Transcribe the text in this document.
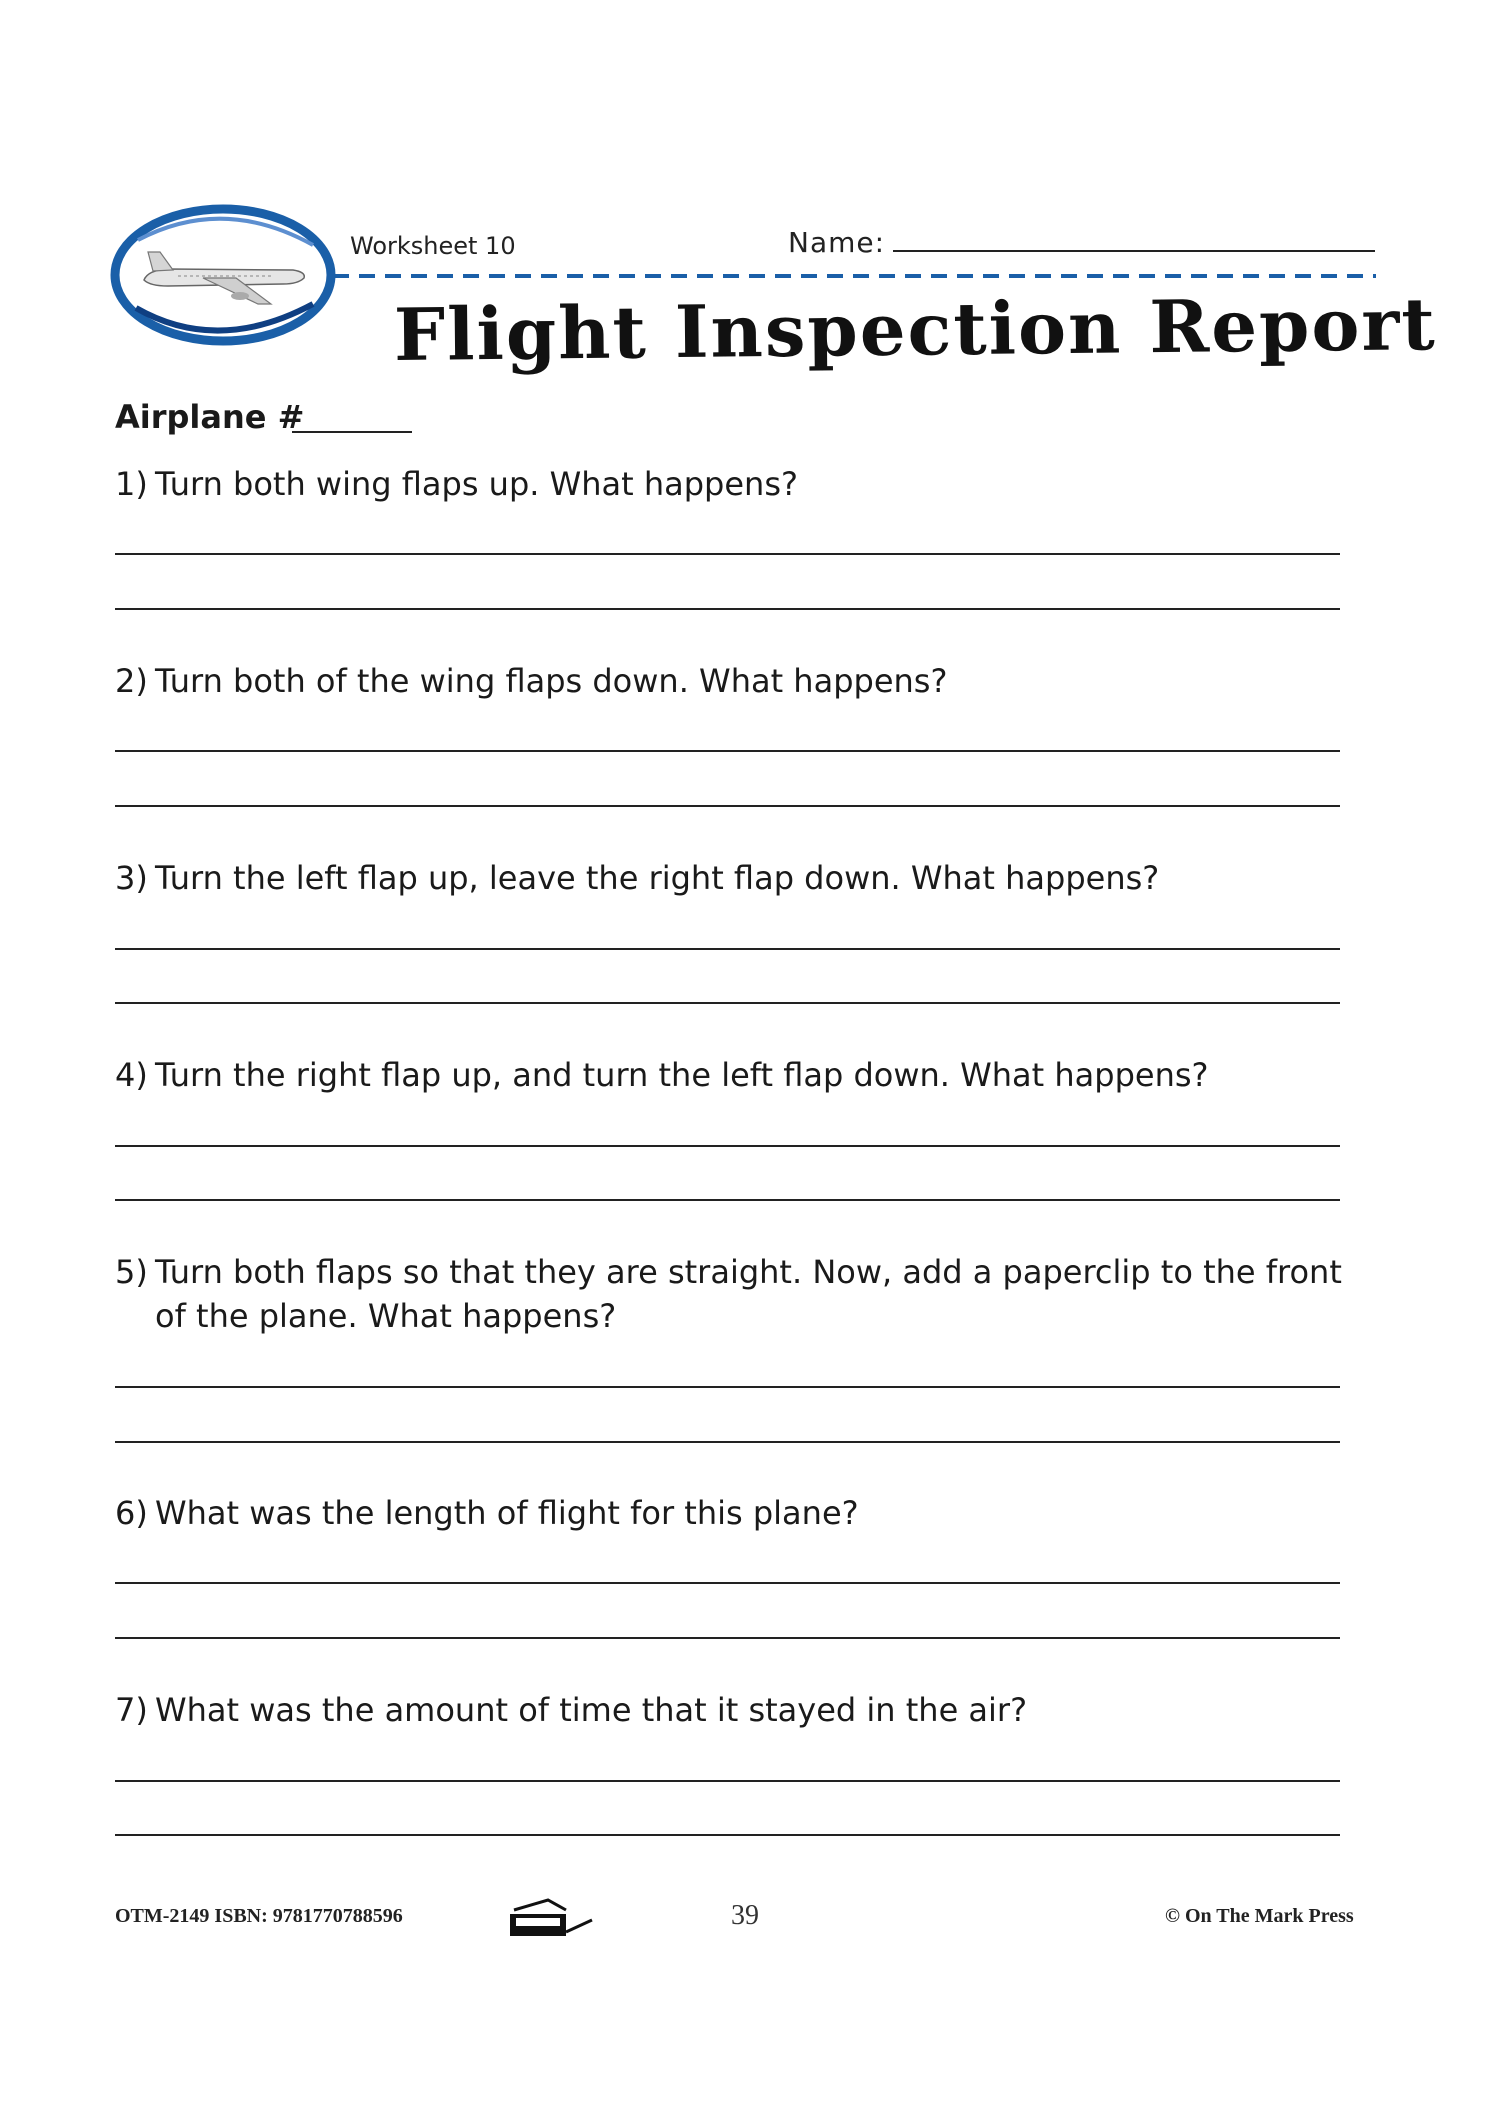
Worksheet 10	Name:
Flight Inspection Report
Airplane #
1) Turn both wing flaps up. What happens?
2) Turn both of the wing flaps down. What happens?
3) Turn the left flap up, leave the right flap down. What happens?
4) Turn the right flap up, and turn the left flap down. What happens?
5) Turn both flaps so that they are straight. Now, add a paperclip to the front
of the plane. What happens?
6) What was the length of flight for this plane?
7) What was the amount of time that it stayed in the air?
OTM-2149 ISBN: 9781770788596	39	© On The Mark Press
